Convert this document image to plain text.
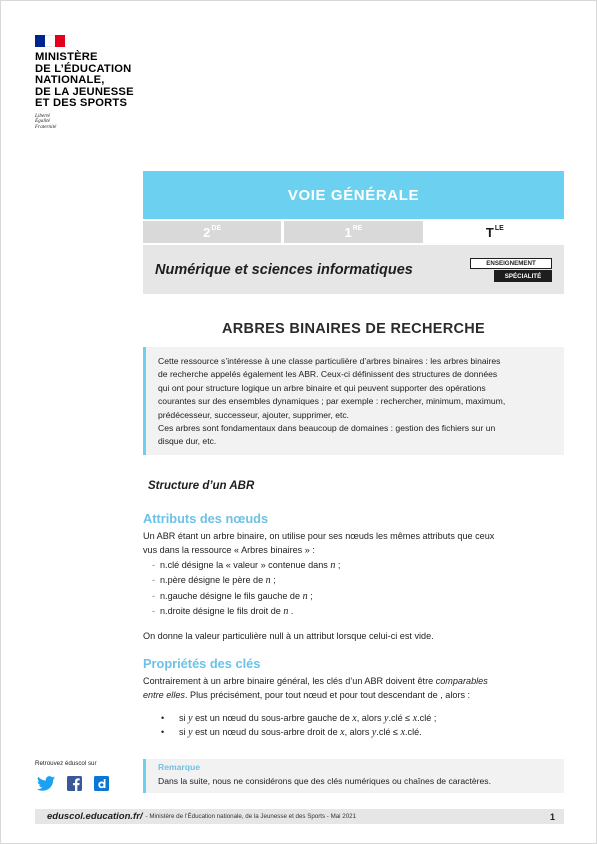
MINISTÈRE
DE L’ÉDUCATION
NATIONALE,
DE LA JEUNESSE
ET DES SPORTS
Liberté
Égalité
Fraternité
VOIE GÉNÉRALE
2DE	1RE	$T^{LE}$
Numérique et sciences informatiques	ENSEIGNEMENT
SPÉCIALITÉ
ARBRES BINAIRES DE RECHERCHE
Cette ressource s’intéresse à une classe particulière d’arbres binaires : les arbres binaires
de recherche appelés également les ABR. Ceux-ci définissent des structures de données
qui ont pour structure logique un arbre binaire et qui peuvent supporter des opérations
courantes sur des ensembles dynamiques ; par exemple : rechercher, minimum, maximum,
prédécesseur, successeur, ajouter, supprimer, etc.
Ces arbres sont fondamentaux dans beaucoup de domaines : gestion des fichiers sur un
disque dur, etc.
Structure d’un ABR
Attributs des nœuds
Un ABR étant un arbre binaire, on utilise pour ses nœuds les mêmes attributs que ceux
vus dans la ressource « Arbres binaires » :
- n.clé désigne la « valeur » contenue dans n ;
- n.père désigne le père de n ;
- n.gauche désigne le fils gauche de n ;
- n.droite désigne le fils droit de n .
On donne la valeur particulière null à un attribut lorsque celui-ci est vide.
Propriétés des clés
Contrairement à un arbre binaire général, les clés d’un ABR doivent être comparables
entre elles. Plus précisément, pour tout nœud et pour tout descendant de , alors :
• si y est un nœud du sous-arbre gauche de x, alors y.clé ≤ x.clé ;
• si y est un nœud du sous-arbre droit de x, alors y.clé ≤ x.clé.
Remarque
Dans la suite, nous ne considérons que des clés numériques ou chaînes de caractères.
Retrouvez éduscol sur
eduscol.education.fr/ - Ministère de l’Éducation nationale, de la Jeunesse et des Sports - Mai 2021	1
